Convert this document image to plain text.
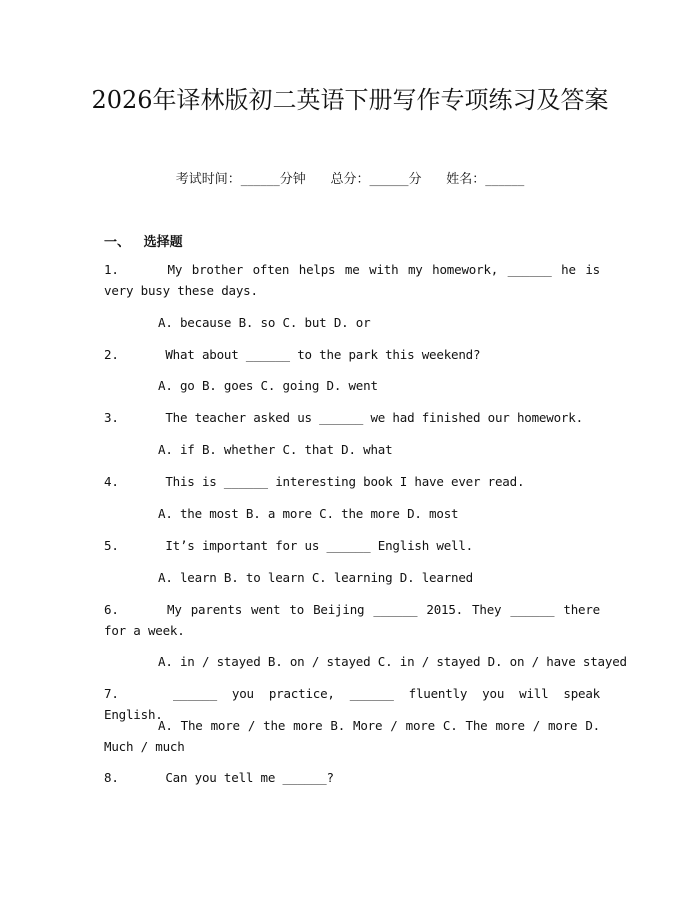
2026年译林版初二英语下册写作专项练习及答案
考试时间：______分钟      总分：______分      姓名：______
一、   选择题
1.	My brother often helps me with my homework, ______ he is very busy these days.
A. because B. so C. but D. or
2.	What about ______ to the park this weekend?
A. go B. goes C. going D. went
3.	The teacher asked us ______ we had finished our homework.
A. if B. whether C. that D. what
4.	This is ______ interesting book I have ever read.
A. the most B. a more C. the more D. most
5.	It’s important for us ______ English well.
A. learn B. to learn C. learning D. learned
6.	My parents went to Beijing ______ 2015. They ______ there for a week.
A. in / stayed B. on / stayed C. in / stayed D. on / have stayed
7.	______ you practice, ______ fluently you will speak English.
A. The more / the more B. More / more C. The more / more D. Much / much
8.	Can you tell me ______?
